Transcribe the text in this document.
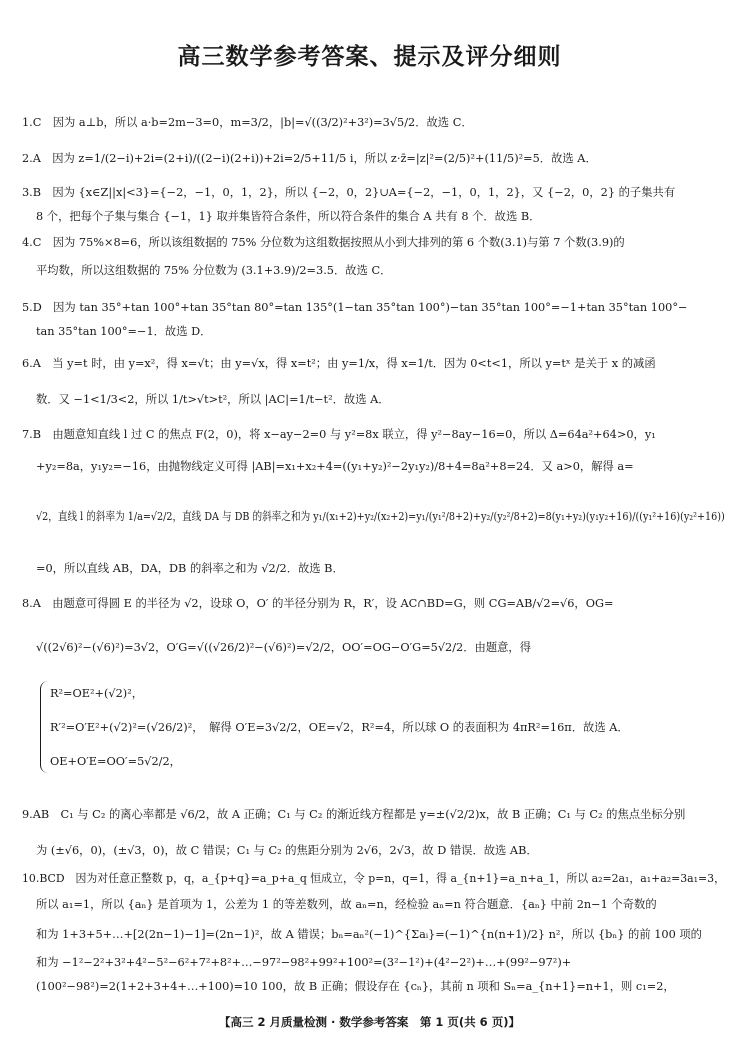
高三数学参考答案、提示及评分细则
1.C　因为 a⊥b，所以 a·b=2m−3=0，m=3/2，|b|=√((3/2)²+3²)=3√5/2．故选 C．
2.A　因为 z=1/(2−i)+2i=(2+i)/((2−i)(2+i))+2i=2/5+11/5 i，所以 z·z̄=|z|²=(2/5)²+(11/5)²=5．故选 A．
3.B　因为 {x∈Z||x|<3}={−2，−1，0，1，2}，所以 {−2，0，2}∪A={−2，−1，0，1，2}，又 {−2，0，2} 的子集共有
8 个，把每个子集与集合 {−1，1} 取并集皆符合条件，所以符合条件的集合 A 共有 8 个．故选 B．
4.C　因为 75%×8=6，所以该组数据的 75% 分位数为这组数据按照从小到大排列的第 6 个数(3.1)与第 7 个数(3.9)的
平均数，所以这组数据的 75% 分位数为 (3.1+3.9)/2=3.5．故选 C．
5.D　因为 tan 35°+tan 100°+tan 35°tan 80°=tan 135°(1−tan 35°tan 100°)−tan 35°tan 100°=−1+tan 35°tan 100°−
tan 35°tan 100°=−1．故选 D．
6.A　当 y=t 时，由 y=x²，得 x=√t；由 y=√x，得 x=t²；由 y=1/x，得 x=1/t．因为 0<t<1，所以 y=tˣ 是关于 x 的减函
数．又 −1<1/3<2，所以 1/t>√t>t²，所以 |AC|=1/t−t²．故选 A．
7.B　由题意知直线 l 过 C 的焦点 F(2，0)，将 x−ay−2=0 与 y²=8x 联立，得 y²−8ay−16=0，所以 Δ=64a²+64>0，y₁
+y₂=8a，y₁y₂=−16，由抛物线定义可得 |AB|=x₁+x₂+4=((y₁+y₂)²−2y₁y₂)/8+4=8a²+8=24．又 a>0，解得 a=
√2，直线 l 的斜率为 1/a=√2/2，直线 DA 与 DB 的斜率之和为 y₁/(x₁+2)+y₂/(x₂+2)=y₁/(y₁²/8+2)+y₂/(y₂²/8+2)=8(y₁+y₂)(y₁y₂+16)/((y₁²+16)(y₂²+16))
=0，所以直线 AB，DA，DB 的斜率之和为 √2/2．故选 B．
8.A　由题意可得圆 E 的半径为 √2，设球 O，O′ 的半径分别为 R，R′，设 AC∩BD=G，则 CG=AB/√2=√6，OG=
√((2√6)²−(√6)²)=3√2，O′G=√((√26/2)²−(√6)²)=√2/2，OO′=OG−O′G=5√2/2．由题意，得
R²=OE²+(√2)²，
R′²=O′E²+(√2)²=(√26/2)²，　解得 O′E=3√2/2，OE=√2，R²=4，所以球 O 的表面积为 4πR²=16π．故选 A．
OE+O′E=OO′=5√2/2，
9.AB　C₁ 与 C₂ 的离心率都是 √6/2，故 A 正确；C₁ 与 C₂ 的渐近线方程都是 y=±(√2/2)x，故 B 正确；C₁ 与 C₂ 的焦点坐标分别
为 (±√6，0)，(±√3，0)，故 C 错误；C₁ 与 C₂ 的焦距分别为 2√6，2√3，故 D 错误．故选 AB．
10.BCD　因为对任意正整数 p，q，a_{p+q}=a_p+a_q 恒成立，令 p=n，q=1，得 a_{n+1}=a_n+a_1，所以 a₂=2a₁，a₁+a₂=3a₁=3，
所以 a₁=1，所以 {aₙ} 是首项为 1，公差为 1 的等差数列，故 aₙ=n，经检验 aₙ=n 符合题意．{aₙ} 中前 2n−1 个奇数的
和为 1+3+5+…+[2(2n−1)−1]=(2n−1)²，故 A 错误；bₙ=aₙ²(−1)^{Σaᵢ}=(−1)^{n(n+1)/2} n²，所以 {bₙ} 的前 100 项的
和为 −1²−2²+3²+4²−5²−6²+7²+8²+…−97²−98²+99²+100²=(3²−1²)+(4²−2²)+…+(99²−97²)+
(100²−98²)=2(1+2+3+4+…+100)=10 100，故 B 正确；假设存在 {cₙ}，其前 n 项和 Sₙ=a_{n+1}=n+1，则 c₁=2，
【高三 2 月质量检测 · 数学参考答案　第 1 页(共 6 页)】
